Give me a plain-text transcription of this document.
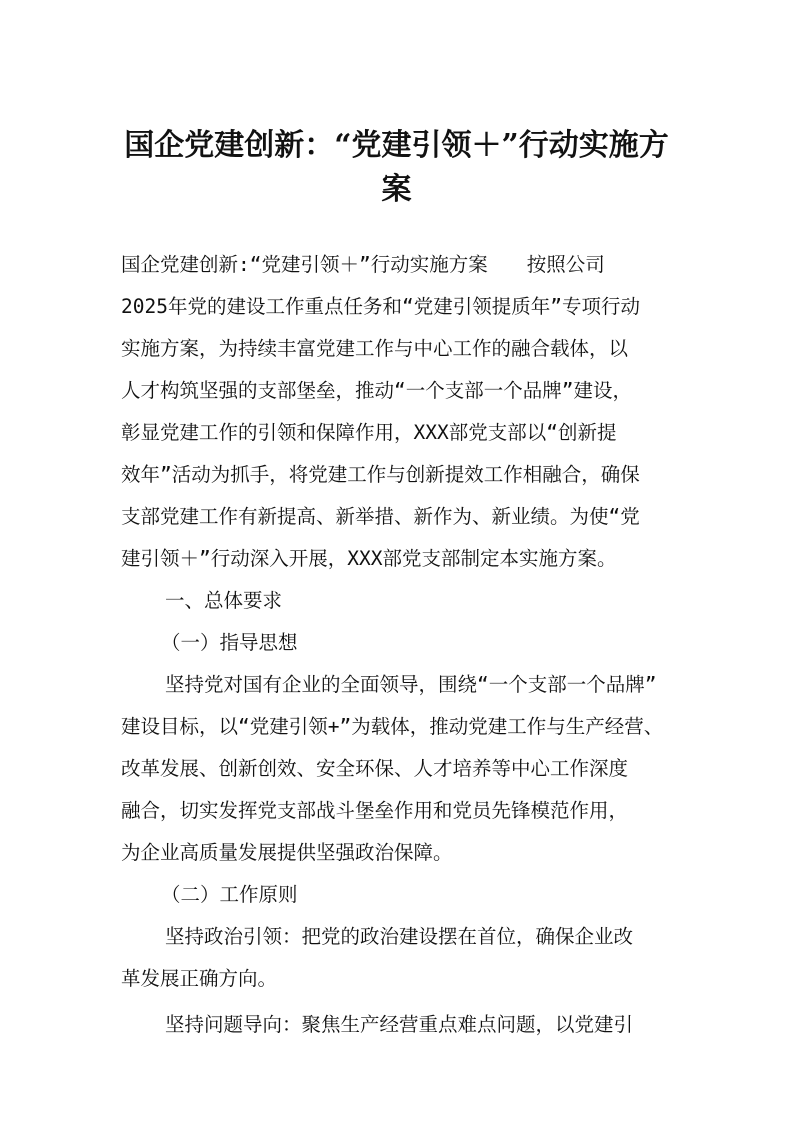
国企党建创新：“党建引领＋”行动实施方
案
国企党建创新:“党建引领＋”行动实施方案　　按照公司
2025年党的建设工作重点任务和“党建引领提质年”专项行动
实施方案，为持续丰富党建工作与中心工作的融合载体，以
人才构筑坚强的支部堡垒，推动“一个支部一个品牌”建设，
彰显党建工作的引领和保障作用，XXX部党支部以“创新提
效年”活动为抓手，将党建工作与创新提效工作相融合，确保
支部党建工作有新提高、新举措、新作为、新业绩。为使“党
建引领＋”行动深入开展，XXX部党支部制定本实施方案。
一、总体要求
（一）指导思想
坚持党对国有企业的全面领导，围绕“一个支部一个品牌”
建设目标，以“党建引领+”为载体，推动党建工作与生产经营、
改革发展、创新创效、安全环保、人才培养等中心工作深度
融合，切实发挥党支部战斗堡垒作用和党员先锋模范作用，
为企业高质量发展提供坚强政治保障。
（二）工作原则
坚持政治引领：把党的政治建设摆在首位，确保企业改
革发展正确方向。
坚持问题导向：聚焦生产经营重点难点问题，以党建引
